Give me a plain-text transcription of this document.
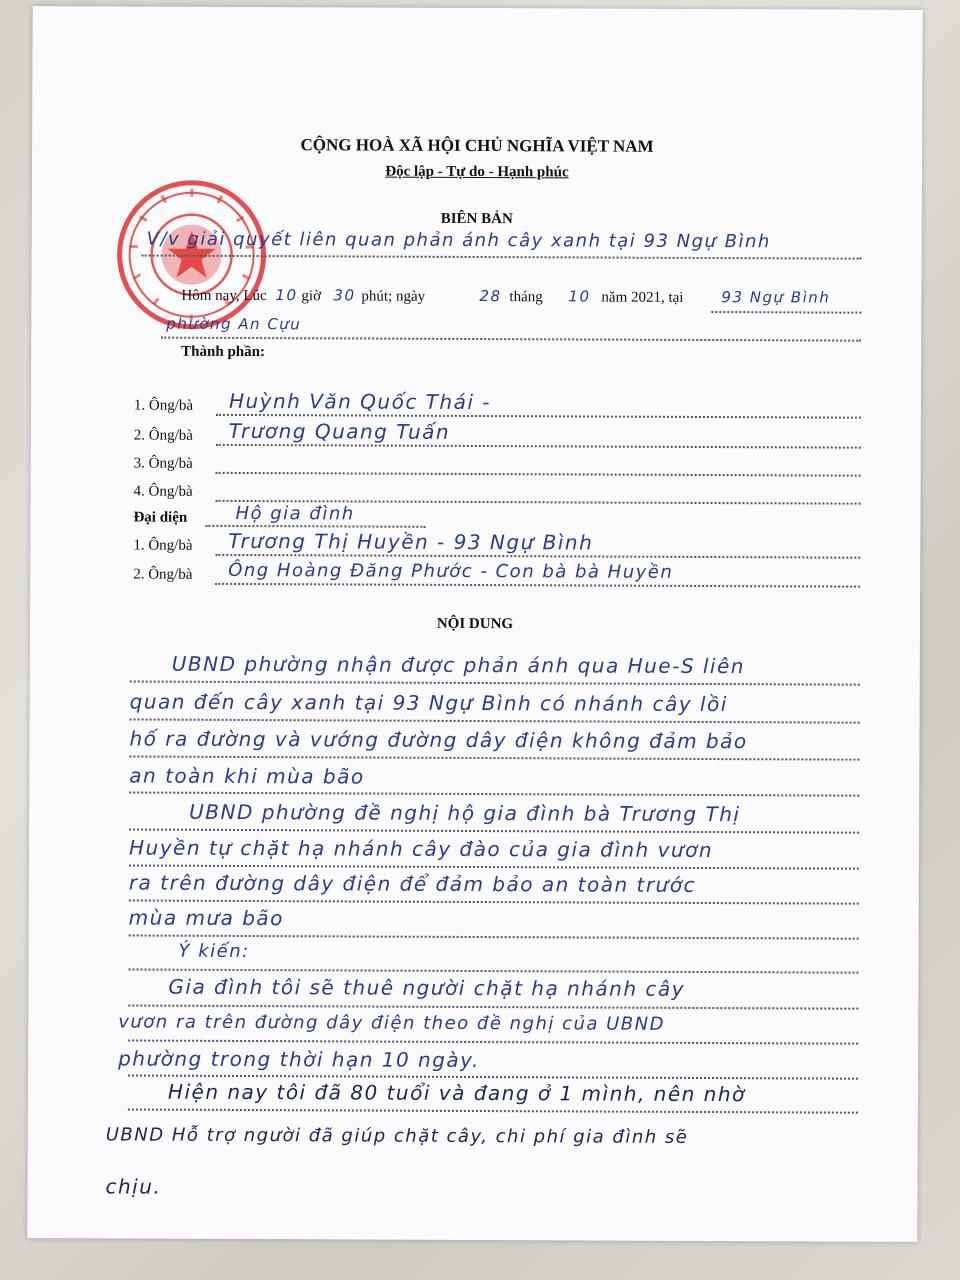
CỘNG HOÀ XÃ HỘI CHỦ NGHĨA VIỆT NAM
Độc lập - Tự do - Hạnh phúc
BIÊN BẢN
V/v giải quyết liên quan phản ánh cây xanh tại 93 Ngự Bình
Hôm nay, Lúc 10 giờ 30 phút; ngày	28 tháng 10 năm 2021, tại	93 Ngự Bình
phường An Cựu
Thành phần:
1. Ông/bà Huỳnh Văn Quốc Thái -
2. Ông/bà Trương Quang Tuấn
3. Ông/bà
4. Ông/bà
Đại diện	Hộ gia đình
1. Ông/bà Trương Thị Huyền - 93 Ngự Bình
2. Ông/bà Ông Hoàng Đăng Phước - Con bà bà Huyền
NỘI DUNG
UBND phường nhận được phản ánh qua Hue-S liên
quan đến cây xanh tại 93 Ngự Bình có nhánh cây lồi
hố ra đường và vướng đường dây điện không đảm bảo
an toàn khi mùa bão
UBND phường đề nghị hộ gia đình bà Trương Thị
Huyền tự chặt hạ nhánh cây đào của gia đình vươn
ra trên đường dây điện để đảm bảo an toàn trước
mùa mưa bão
Ý kiến:
Gia đình tôi sẽ thuê người chặt hạ nhánh cây
vươn ra trên đường dây điện theo đề nghị của UBND
phường trong thời hạn 10 ngày.
Hiện nay tôi đã 80 tuổi và đang ở 1 mình, nên nhờ
UBND Hỗ trợ người đã giúp chặt cây, chi phí gia đình sẽ
chịu.
